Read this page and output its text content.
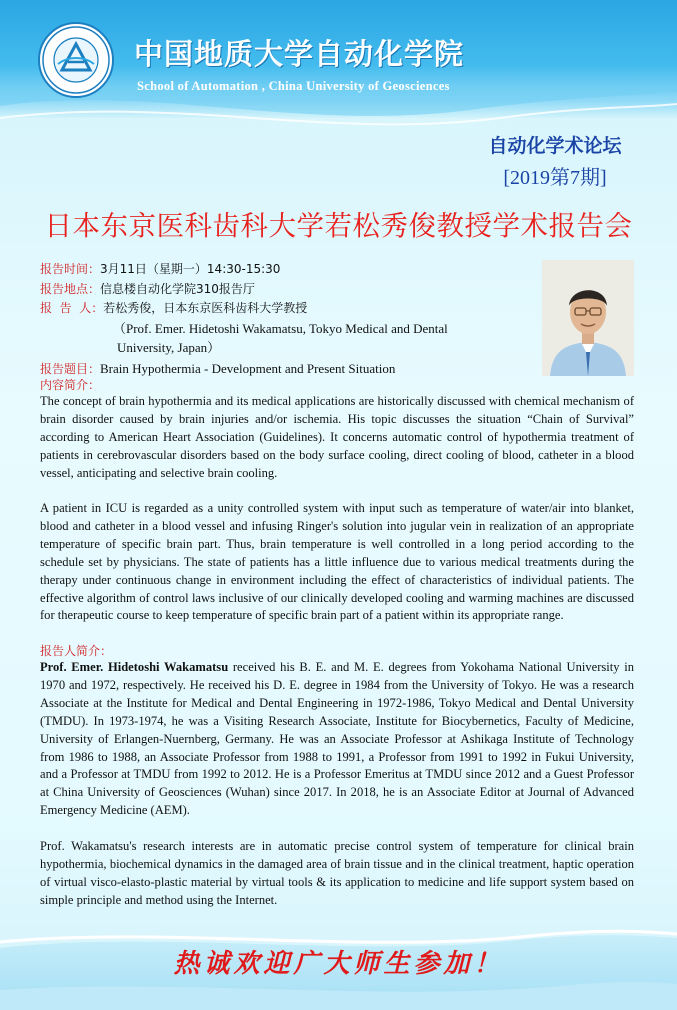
中国地质大学自动化学院
School of Automation , China University of Geosciences
自动化学术论坛
[2019第7期]
日本东京医科齿科大学若松秀俊教授学术报告会
报告时间：3月11日（星期一）14:30-15:30
报告地点：信息楼自动化学院310报告厅
报  告  人：若松秀俊，日本东京医科齿科大学教授
（Prof. Emer. Hidetoshi Wakamatsu, Tokyo Medical and Dental
University, Japan）
报告题目：Brain Hypothermia - Development and Present Situation
内容简介：

The concept of brain hypothermia and its medical applications are historically discussed with chemical mechanism of brain disorder caused by brain injuries and/or ischemia. His topic discusses the situation “Chain of Survival” according to American Heart Association (Guidelines). It concerns automatic control of hypothermia treatment of patients in cerebrovascular disorders based on the body surface cooling, direct cooling of blood, catheter in a blood vessel, anticipating and selective brain cooling.

A patient in ICU is regarded as a unity controlled system with input such as temperature of water/air into blanket, blood and catheter in a blood vessel and infusing Ringer's solution into jugular vein in realization of an appropriate temperature of specific brain part. Thus, brain temperature is well controlled in a long period according to the schedule set by physicians. The state of patients has a little influence due to various medical treatments during the therapy under continuous change in environment including the effect of characteristics of individual patients. The effective algorithm of control laws inclusive of our clinically developed cooling and warming machines are discussed for therapeutic course to keep temperature of specific brain part of a patient within its appropriate range.

报告人简介：

Prof. Emer. Hidetoshi Wakamatsu received his B. E. and M. E. degrees from Yokohama National University in 1970 and 1972, respectively. He received his D. E. degree in 1984 from the University of Tokyo. He was a research Associate at the Institute for Medical and Dental Engineering in 1972-1986, Tokyo Medical and Dental University (TMDU). In 1973-1974, he was a Visiting Research Associate, Institute for Biocybernetics, Faculty of Medicine, University of Erlangen-Nuernberg, Germany. He was an Associate Professor at Ashikaga Institute of Technology from 1986 to 1988, an Associate Professor from 1988 to 1991, a Professor from 1991 to 1992 in Fukui University, and a Professor at TMDU from 1992 to 2012. He is a Professor Emeritus at TMDU since 2012 and a Guest Professor at China University of Geosciences (Wuhan) since 2017. In 2018, he is an Associate Editor at Journal of Advanced Emergency Medicine (AEM).

Prof. Wakamatsu's research interests are in automatic precise control system of temperature for clinical brain hypothermia, biochemical dynamics in the damaged area of brain tissue and in the clinical treatment, haptic operation of virtual visco-elasto-plastic material by virtual tools & its application to medicine and life support system based on simple principle and method using the Internet.

热诚欢迎广大师生参加！
